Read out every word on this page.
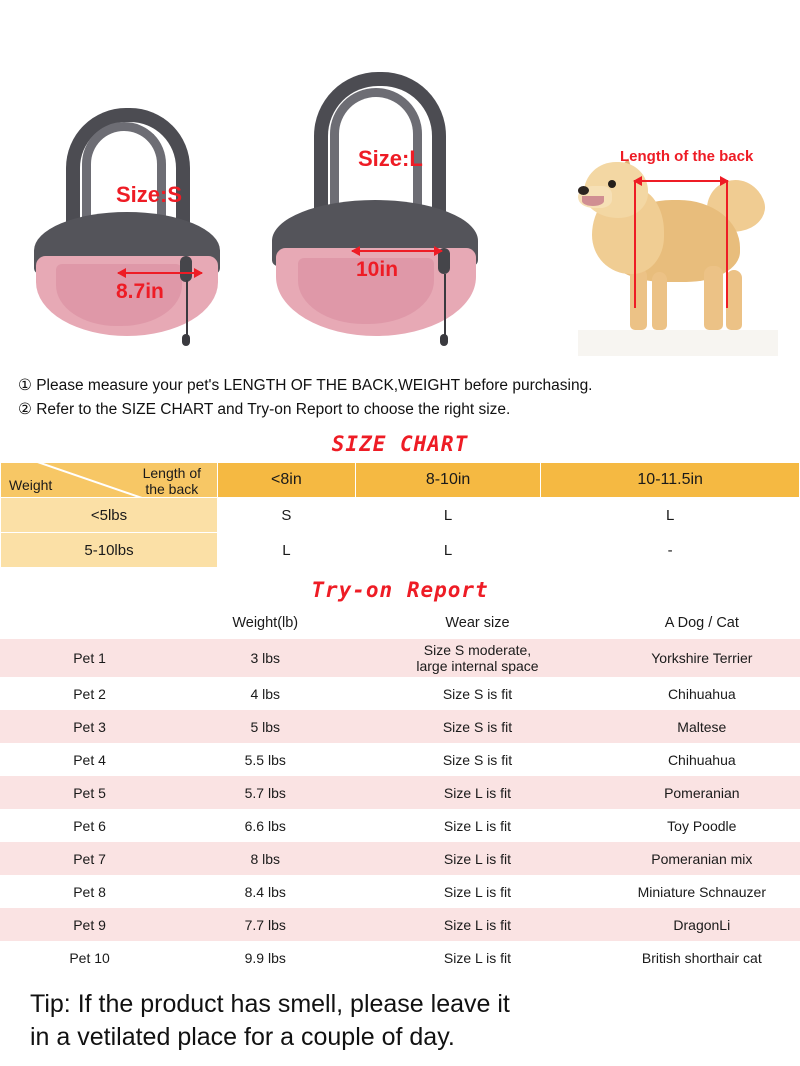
8.7in
Size:S
10in
Size:L	Length of the back
① Please measure your pet's LENGTH OF THE BACK,WEIGHT before purchasing.
② Refer to the SIZE CHART and Try-on Report to choose the right size.
SIZE CHART
Weight
Length of
the back	<8in	8-10in	10-11.5in
<5lbs	S	L	L
5-10lbs	L	L	-
Try-on Report
	Weight(lb)	Wear size	A Dog / Cat
Pet 1	3 lbs	Size S moderate,
large internal space	Yorkshire Terrier
Pet 2	4 lbs	Size S is fit	Chihuahua
Pet 3	5 lbs	Size S is fit	Maltese
Pet 4	5.5 lbs	Size S is fit	Chihuahua
Pet 5	5.7 lbs	Size L is fit	Pomeranian
Pet 6	6.6 lbs	Size L is fit	Toy Poodle
Pet 7	8 lbs	Size L is fit	Pomeranian mix
Pet 8	8.4 lbs	Size L is fit	Miniature Schnauzer
Pet 9	7.7 lbs	Size L is fit	DragonLi
Pet 10	9.9 lbs	Size L is fit	British shorthair cat
Tip: If the product has smell, please leave it
in a vetilated place for a couple of day.
